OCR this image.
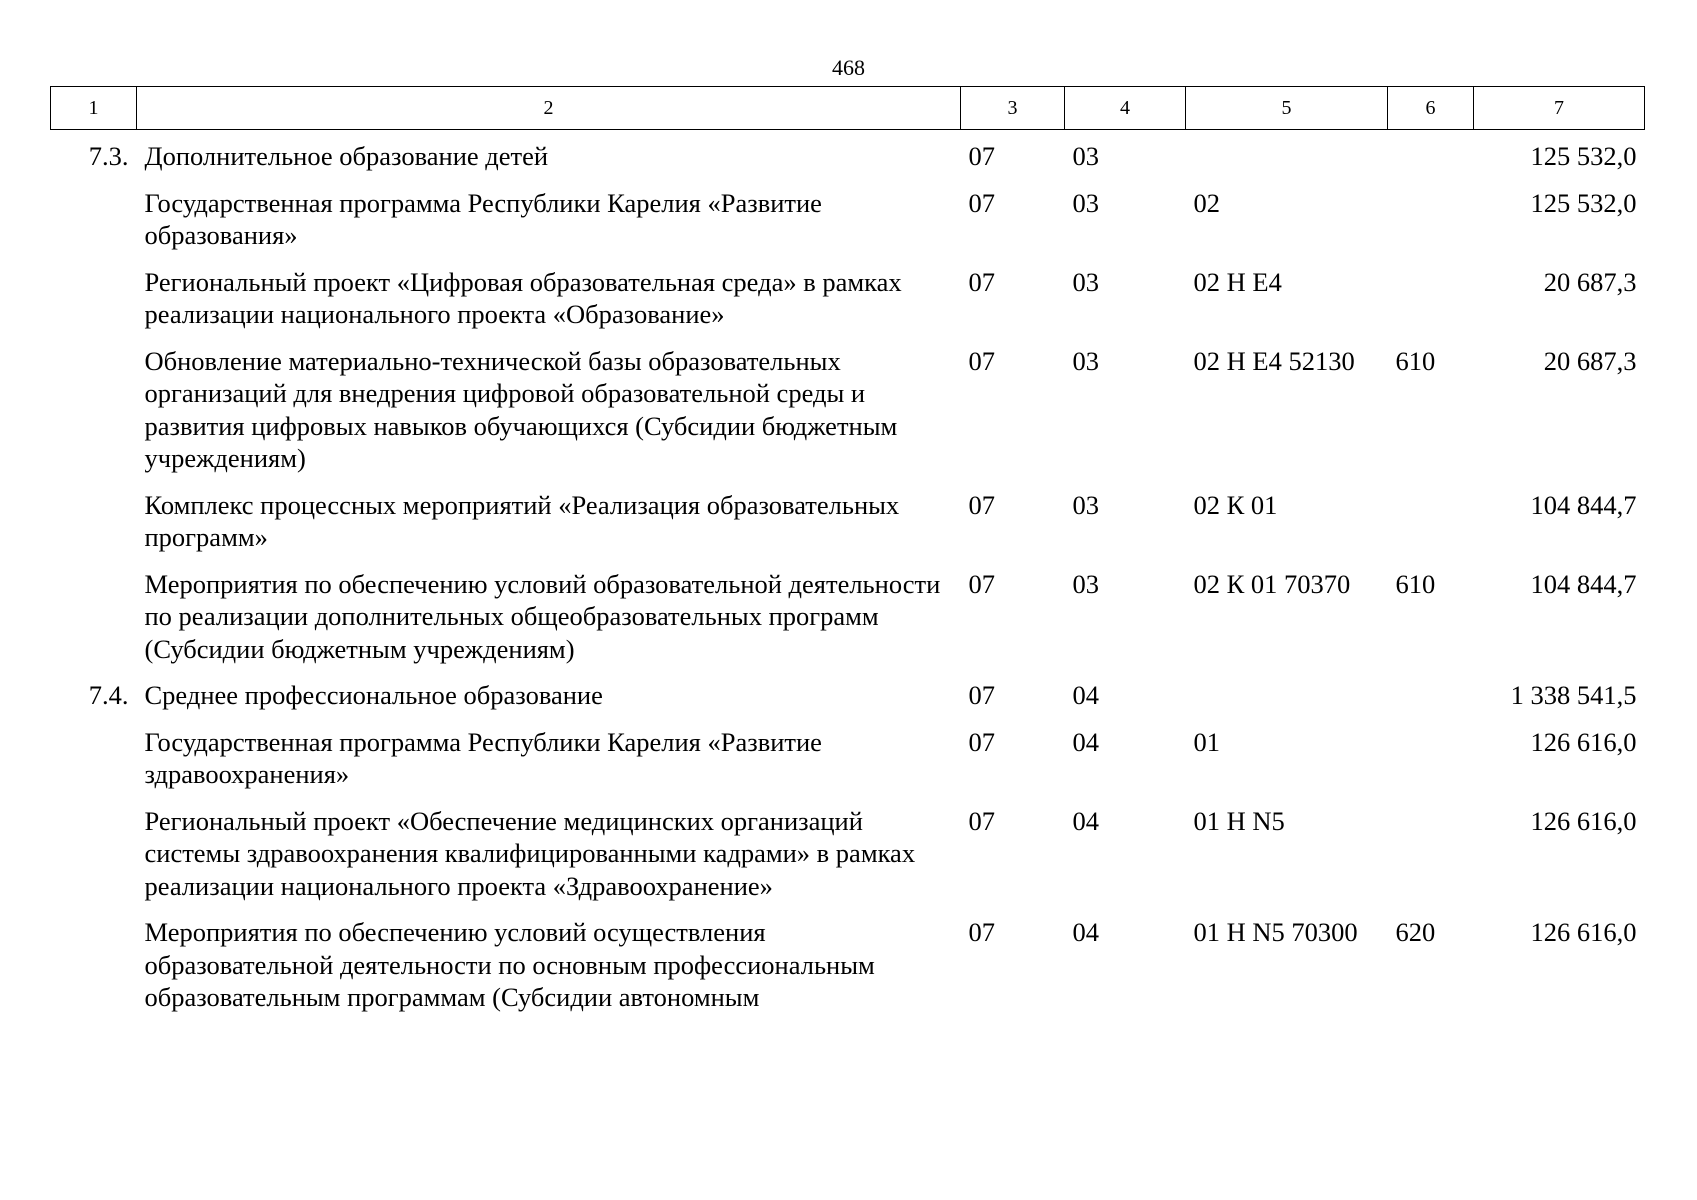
468
1	2	3	4	5	6	7
7.3.	Дополнительное образование детей	07	03			125 532,0
	Государственная программа Республики Карелия «Развитие образования»	07	03	02		125 532,0
	Региональный проект «Цифровая образовательная среда» в рамках реализации национального проекта «Образование»	07	03	02 Н Е4		20 687,3
	Обновление материально-технической базы образовательных организаций для внедрения цифровой образовательной среды и развития цифровых навыков обучающихся (Субсидии бюджетным учреждениям)	07	03	02 Н Е4 52130	610	20 687,3
	Комплекс процессных мероприятий «Реализация образовательных программ»	07	03	02 К 01		104 844,7
	Мероприятия по обеспечению условий образовательной деятельности по реализации дополнительных общеобразовательных программ (Субсидии бюджетным учреждениям)	07	03	02 К 01 70370	610	104 844,7
7.4.	Среднее профессиональное образование	07	04			1 338 541,5
	Государственная программа Республики Карелия «Развитие здравоохранения»	07	04	01		126 616,0
	Региональный проект «Обеспечение медицинских организаций системы здравоохранения квалифицированными кадрами» в рамках реализации национального проекта «Здравоохранение»	07	04	01 Н N5		126 616,0
	Мероприятия по обеспечению условий осуществления образовательной деятельности по основным профессиональным образовательным программам (Субсидии автономным	07	04	01 Н N5 70300	620	126 616,0
